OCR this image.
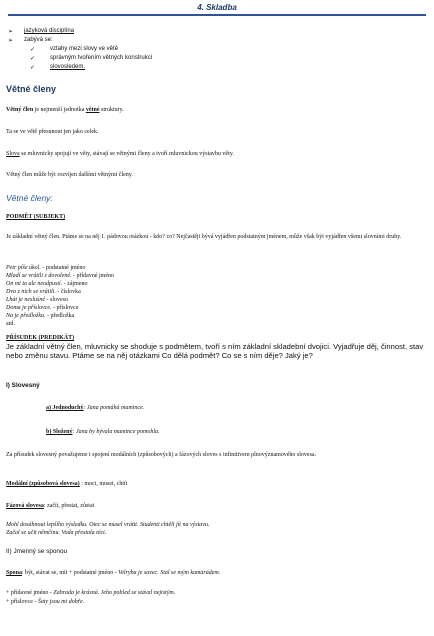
4. Skladba
➢ jazyková disciplína
➢ zabývá se:
✓ vztahy mezi slovy ve větě
✓ správným tvořením větných konstrukcí
✓ slovosledem.
Větné členy
Větný člen je nejmenší jednotka větné struktury.
Ta se ve větě přesunout jen jako celek.
Slova se mluvnicky spojují ve věty, stávají se větnými členy a tvoří mluvnickou výstavbu věty.
Větný člen může být rozvíjen dalšími větnými členy.
Větné členy:
PODMĚT (SUBJEKT)
Je základní větný člen. Ptáme se na něj 1. pádovou otázkou - kdo? co? Nejčastěji bývá vyjádřen podstatným jménem, může však být vyjádřen všemi slovními druhy.
Petr píše úkol. - podstatné jméno
Mladí se vrátili z dovolené. - přídavné jméno
On mi to ale neodpustí. - zájmeno
Dva z nich se vrátili. - číslovka
Lhát je nesluśné - sloveso
Doma je příslovce. - příslovce
Na je předložka. - předložka
atd.
PŘÍSUDEK (PREDIKÁT)
Je základní větný člen, mluvnicky se shoduje s podmětem, tvoří s ním základní skladební dvojici. Vyjadřuje děj, činnost, stav nebo změnu stavu. Ptáme se na něj otázkami Co dělá podmět? Co se s ním děje? Jaký je?
I) Slovesný
a) Jednoduchý: Jana pomáhá mamince.
b) Složený: Jana by bývala mamince pomohla.
Za přísudek slovesný považujeme i spojení modálních (způsobových) a fázových sloves s infinitivem plnovýznamového slovesa.
Modální (způsobová slovesa) : moci, muset, chtít
Fázová slovesa: začít, přestat, zůstat
Mohl dosáhnout lepšího výsledku. Otec se musel vrátit. Studenti chtěli jít na výstavu.
Začal se učit němčinu. Voda přestala téct.
II) Jmenný se sponou
Spona: být, stávat se, mít + podstatné jméno - Velryba je savec. Stal se mým kamarádem.
+ přídavné jméno - Zahrada je krásná. Jeho pohled se stával nejistým.
+ příslovce - Šaty jsou mi dobře.
